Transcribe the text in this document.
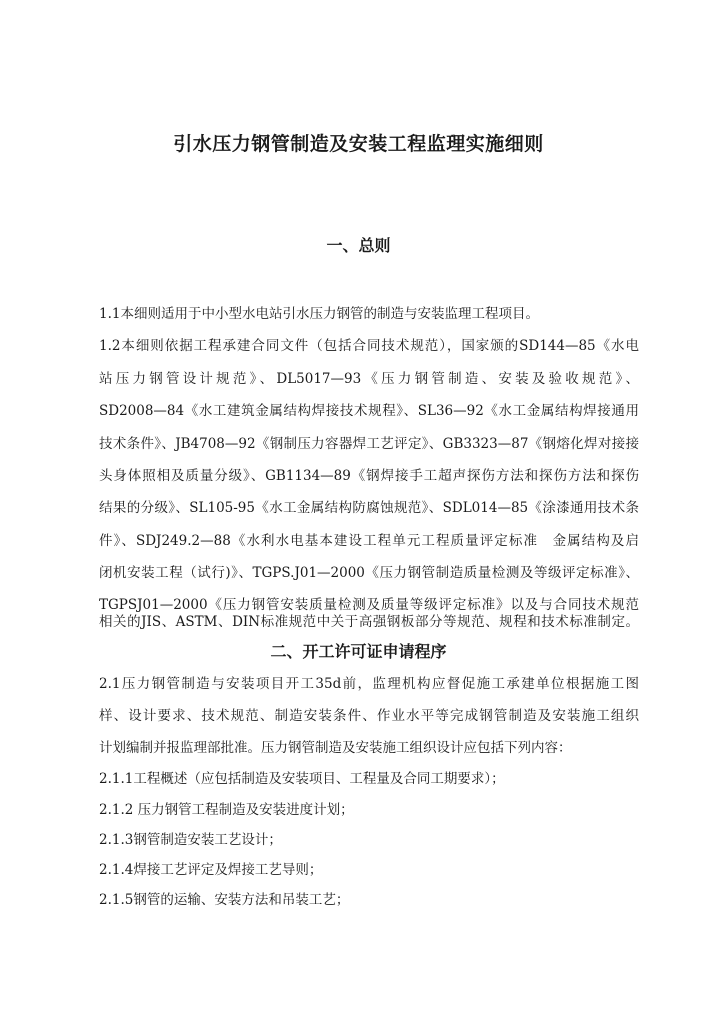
引水压力钢管制造及安装工程监理实施细则
一、总则
1.1本细则适用于中小型水电站引水压力钢管的制造与安装监理工程项目。
1.2本细则依据工程承建合同文件（包括合同技术规范），国家颁的SD144—85《水电
站压力钢管设计规范》、DL5017—93《压力钢管制造、安装及验收规范》、
SD2008—84《水工建筑金属结构焊接技术规程》、SL36—92《水工金属结构焊接通用
技术条件》、JB4708—92《钢制压力容器焊工艺评定》、GB3323—87《钢熔化焊对接接
头身体照相及质量分级》、GB1134—89《钢焊接手工超声探伤方法和探伤方法和探伤
结果的分级》、SL105-95《水工金属结构防腐蚀规范》、SDL014—85《涂漆通用技术条
件》、SDJ249.2—88《水利水电基本建设工程单元工程质量评定标准　金属结构及启
闭机安装工程（试行)》、TGPS.J01—2000《压力钢管制造质量检测及等级评定标准》、
TGPSJ01—2000《压力钢管安装质量检测及质量等级评定标准》以及与合同技术规范
相关的JIS、ASTM、DIN标准规范中关于高强钢板部分等规范、规程和技术标准制定。
二、开工许可证申请程序
2.1压力钢管制造与安装项目开工35d前，监理机构应督促施工承建单位根据施工图
样、设计要求、技术规范、制造安装条件、作业水平等完成钢管制造及安装施工组织
计划编制并报监理部批准。压力钢管制造及安装施工组织设计应包括下列内容：
2.1.1工程概述（应包括制造及安装项目、工程量及合同工期要求）；
2.1.2 压力钢管工程制造及安装进度计划；
2.1.3钢管制造安装工艺设计；
2.1.4焊接工艺评定及焊接工艺导则；
2.1.5钢管的运输、安装方法和吊装工艺；
